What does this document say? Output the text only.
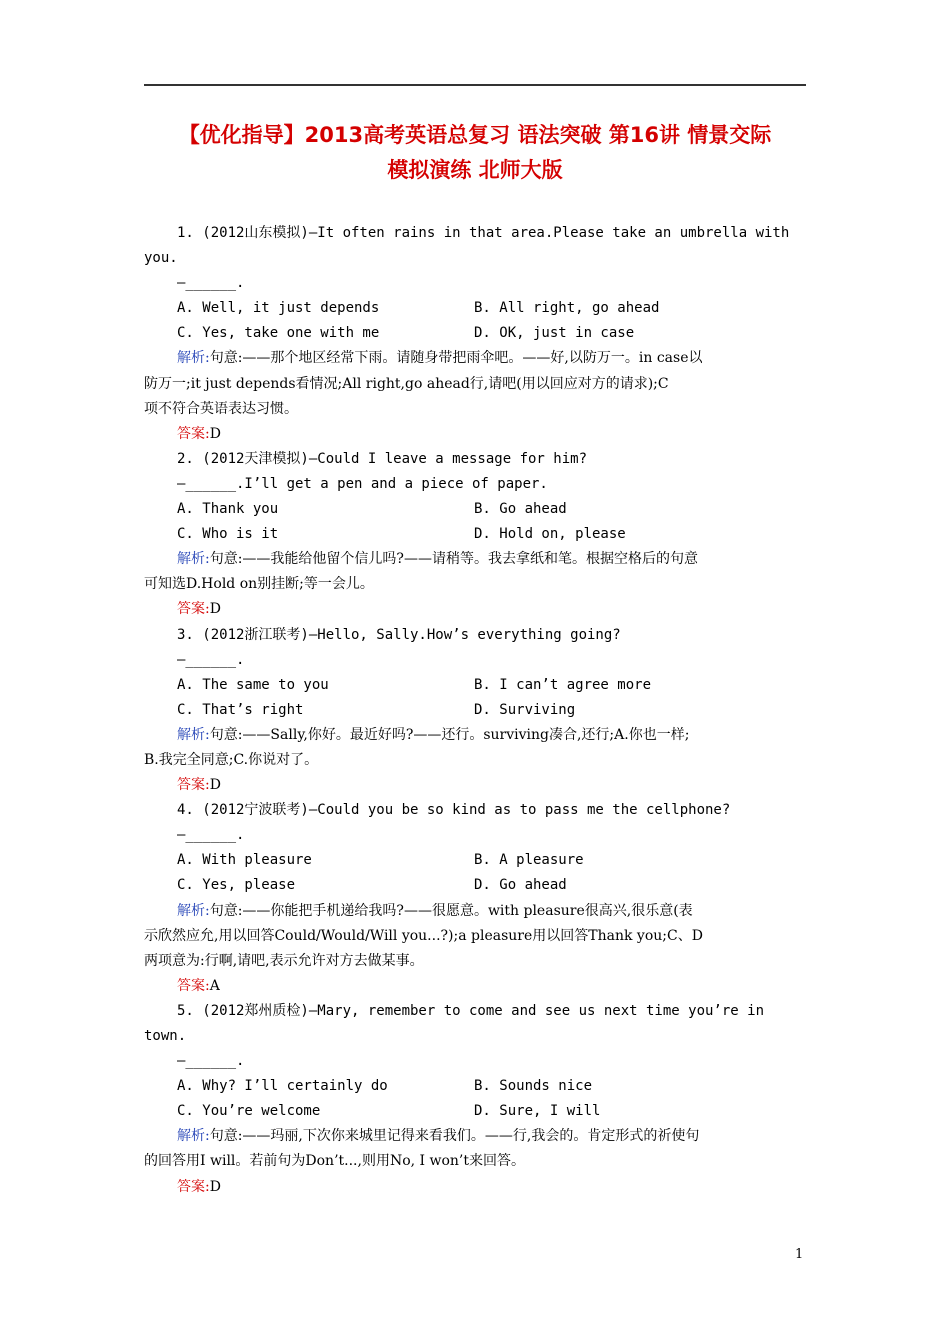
【优化指导】2013高考英语总复习 语法突破 第16讲 情景交际
模拟演练 北师大版
1. (2012山东模拟)—It often rains in that area.Please take an umbrella with
you.
—______.
A. Well, it just depends	B. All right, go ahead
C. Yes, take one with me	D. OK, just in case
解析:句意:——那个地区经常下雨。请随身带把雨伞吧。——好,以防万一。in case以
防万一;it just depends看情况;All right,go ahead行,请吧(用以回应对方的请求);C
项不符合英语表达习惯。
答案:D
2. (2012天津模拟)—Could I leave a message for him?
—______.I’ll get a pen and a piece of paper.
A. Thank you	B. Go ahead
C. Who is it	D. Hold on, please
解析:句意:——我能给他留个信儿吗?——请稍等。我去拿纸和笔。根据空格后的句意
可知选D.Hold on别挂断;等一会儿。
答案:D
3. (2012浙江联考)—Hello, Sally.How’s everything going?
—______.
A. The same to you	B. I can’t agree more
C. That’s right	D. Surviving
解析:句意:——Sally,你好。最近好吗?——还行。surviving凑合,还行;A.你也一样;
B.我完全同意;C.你说对了。
答案:D
4. (2012宁波联考)—Could you be so kind as to pass me the cellphone?
—______.
A. With pleasure	B. A pleasure
C. Yes, please	D. Go ahead
解析:句意:——你能把手机递给我吗?——很愿意。with pleasure很高兴,很乐意(表
示欣然应允,用以回答Could/Would/Will you...?);a pleasure用以回答Thank you;C、D
两项意为:行啊,请吧,表示允许对方去做某事。
答案:A
5. (2012郑州质检)—Mary, remember to come and see us next time you’re in
town.
—______.
A. Why? I’ll certainly do	B. Sounds nice
C. You’re welcome	D. Sure, I will
解析:句意:——玛丽,下次你来城里记得来看我们。——行,我会的。肯定形式的祈使句
的回答用I will。若前句为Don’t...,则用No, I won’t来回答。
答案:D
1
